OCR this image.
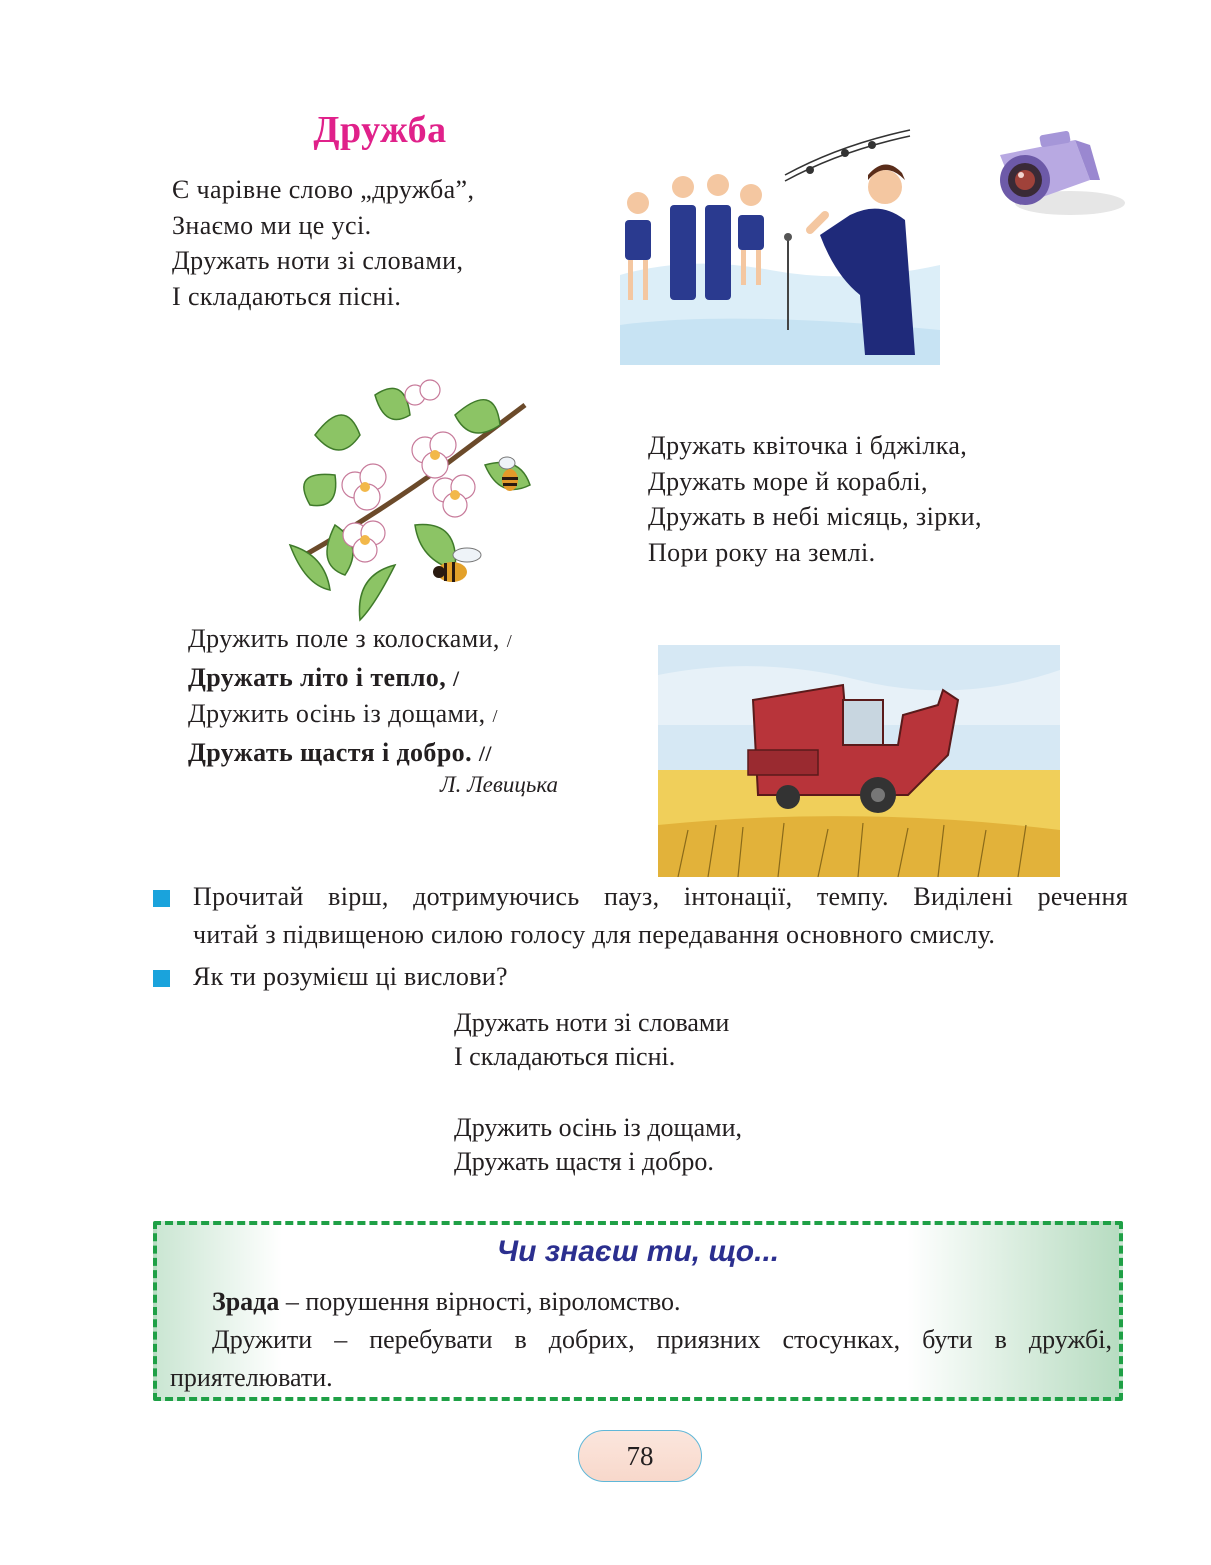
Дружба
Є чарівне слово „дружба”,
Знаємо ми це усі.
Дружать ноти зі словами,
І складаються пісні.
Дружать квіточка і бджілка,
Дружать море й кораблі,
Дружать в небі місяць, зірки,
Пори року на землі.
Дружить поле з колосками, /
Дружать літо і тепло, /
Дружить осінь із дощами, /
Дружать щастя і добро. //
Л. Левицька
Прочитай вірш, дотримуючись пауз, інтонації, темпу. Виділені речення
читай з підвищеною силою голосу для передавання основного смислу.
Як ти розумієш ці вислови?
Дружать ноти зі словами
І складаються пісні.
Дружить осінь із дощами,
Дружать щастя і добро.
Чи знаєш ти, що...
Зрада – порушення вірності, віроломство.
Дружити – перебувати в добрих, приязних стосунках, бути в дружбі,
приятелювати.
78
